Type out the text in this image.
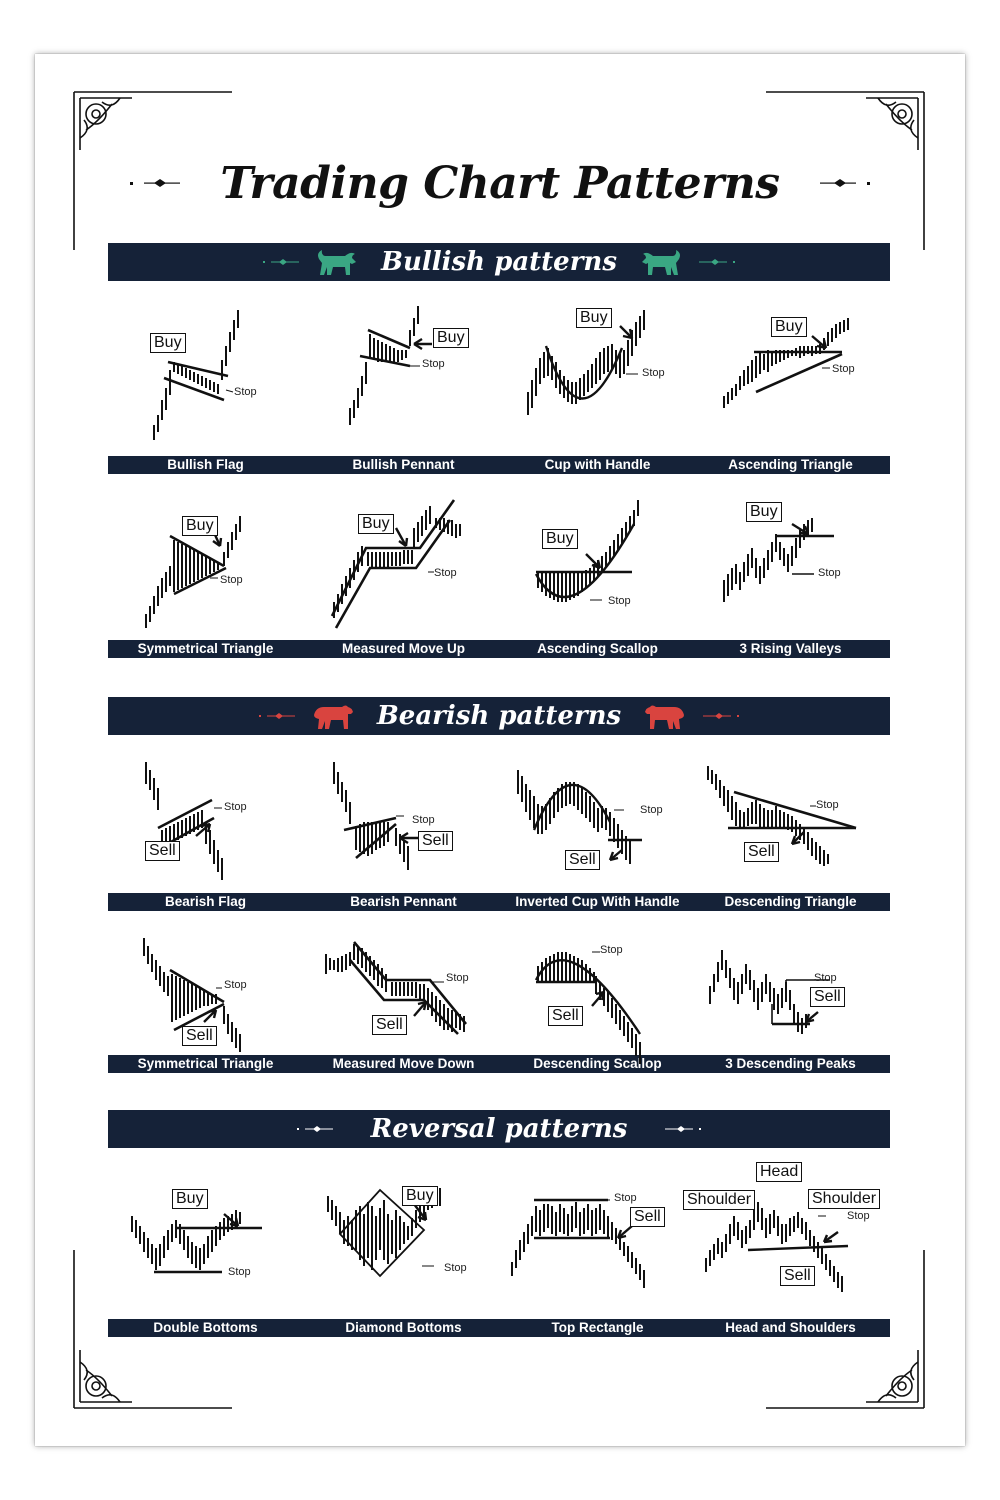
Trading Chart Patterns
Bullish patterns
Bearish patterns
Reversal patterns
Bullish Flag	Bullish Pennant	Cup with Handle	Ascending Triangle
Symmetrical Triangle	Measured Move Up	Ascending Scallop	3 Rising Valleys
Bearish Flag	Bearish Pennant	Inverted Cup With Handle	Descending Triangle
Symmetrical Triangle	Measured Move Down	Descending Scallop	3 Descending Peaks
Double Bottoms	Diamond Bottoms	Top Rectangle	Head and Shoulders
Buy
Stop
Buy
Stop
Buy
Stop
Buy
Stop
Buy
Stop
Buy
Stop
Buy
Stop
Buy
Stop
Sell
Stop
Sell
Stop
Sell
Stop
Sell
Stop
Sell
Stop
Sell
Stop
Sell
Stop
Sell
Stop
Buy
Stop
Buy
Stop
Sell
Stop
Head
Shoulder	Shoulder
Sell
Stop
